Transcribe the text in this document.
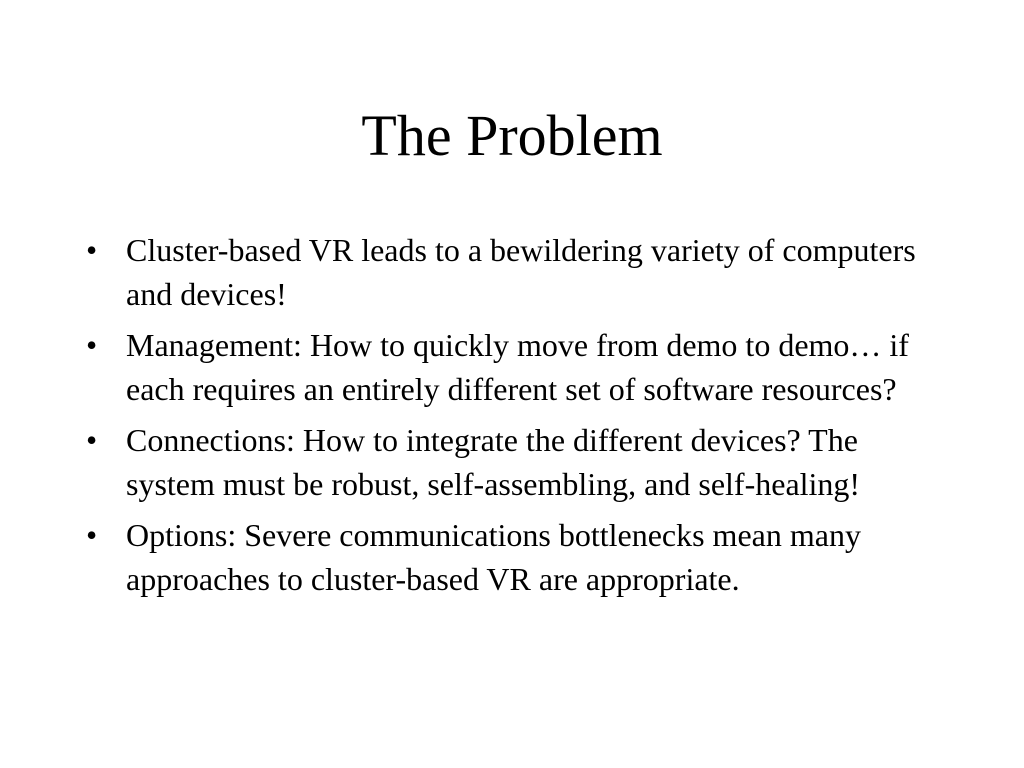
The Problem
• Cluster-based VR leads to a bewildering variety of computers and devices!
• Management: How to quickly move from demo to demo… if each requires an entirely different set of software resources?
• Connections: How to integrate the different devices? The system must be robust, self-assembling, and self-healing!
• Options: Severe communications bottlenecks mean many approaches to cluster-based VR are appropriate.
